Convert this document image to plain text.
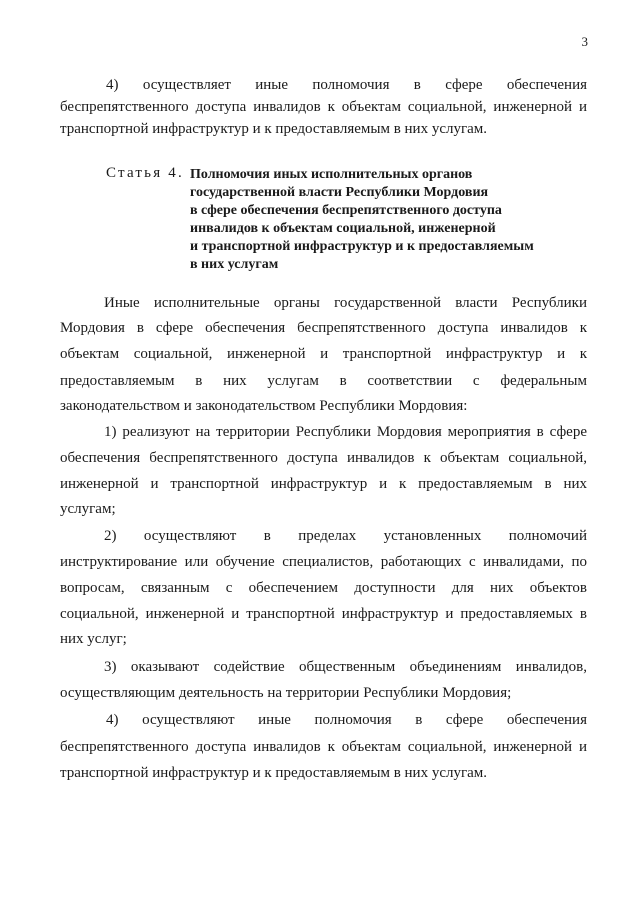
3
4) осуществляет иные полномочия в сфере обеспечения
беспрепятственного доступа инвалидов к объектам социальной, инженерной и
транспортной инфраструктур и к предоставляемым в них услугам.
Статья 4. Полномочия иных исполнительных органов
государственной власти Республики Мордовия
в сфере обеспечения беспрепятственного доступа
инвалидов к объектам социальной, инженерной
и транспортной инфраструктур и к предоставляемым
в них услугам
Иные исполнительные органы государственной власти Республики
Мордовия в сфере обеспечения беспрепятственного доступа инвалидов к
объектам социальной, инженерной и транспортной инфраструктур и к
предоставляемым в них услугам в соответствии с федеральным
законодательством и законодательством Республики Мордовия:
1) реализуют на территории Республики Мордовия мероприятия в сфере
обеспечения беспрепятственного доступа инвалидов к объектам социальной,
инженерной и транспортной инфраструктур и к предоставляемым в них
услугам;
2) осуществляют в пределах установленных полномочий
инструктирование или обучение специалистов, работающих с инвалидами, по
вопросам, связанным с обеспечением доступности для них объектов
социальной, инженерной и транспортной инфраструктур и предоставляемых в
них услуг;
3) оказывают содействие общественным объединениям инвалидов,
осуществляющим деятельность на территории Республики Мордовия;
4) осуществляют иные полномочия в сфере обеспечения
беспрепятственного доступа инвалидов к объектам социальной, инженерной и
транспортной инфраструктур и к предоставляемым в них услугам.
